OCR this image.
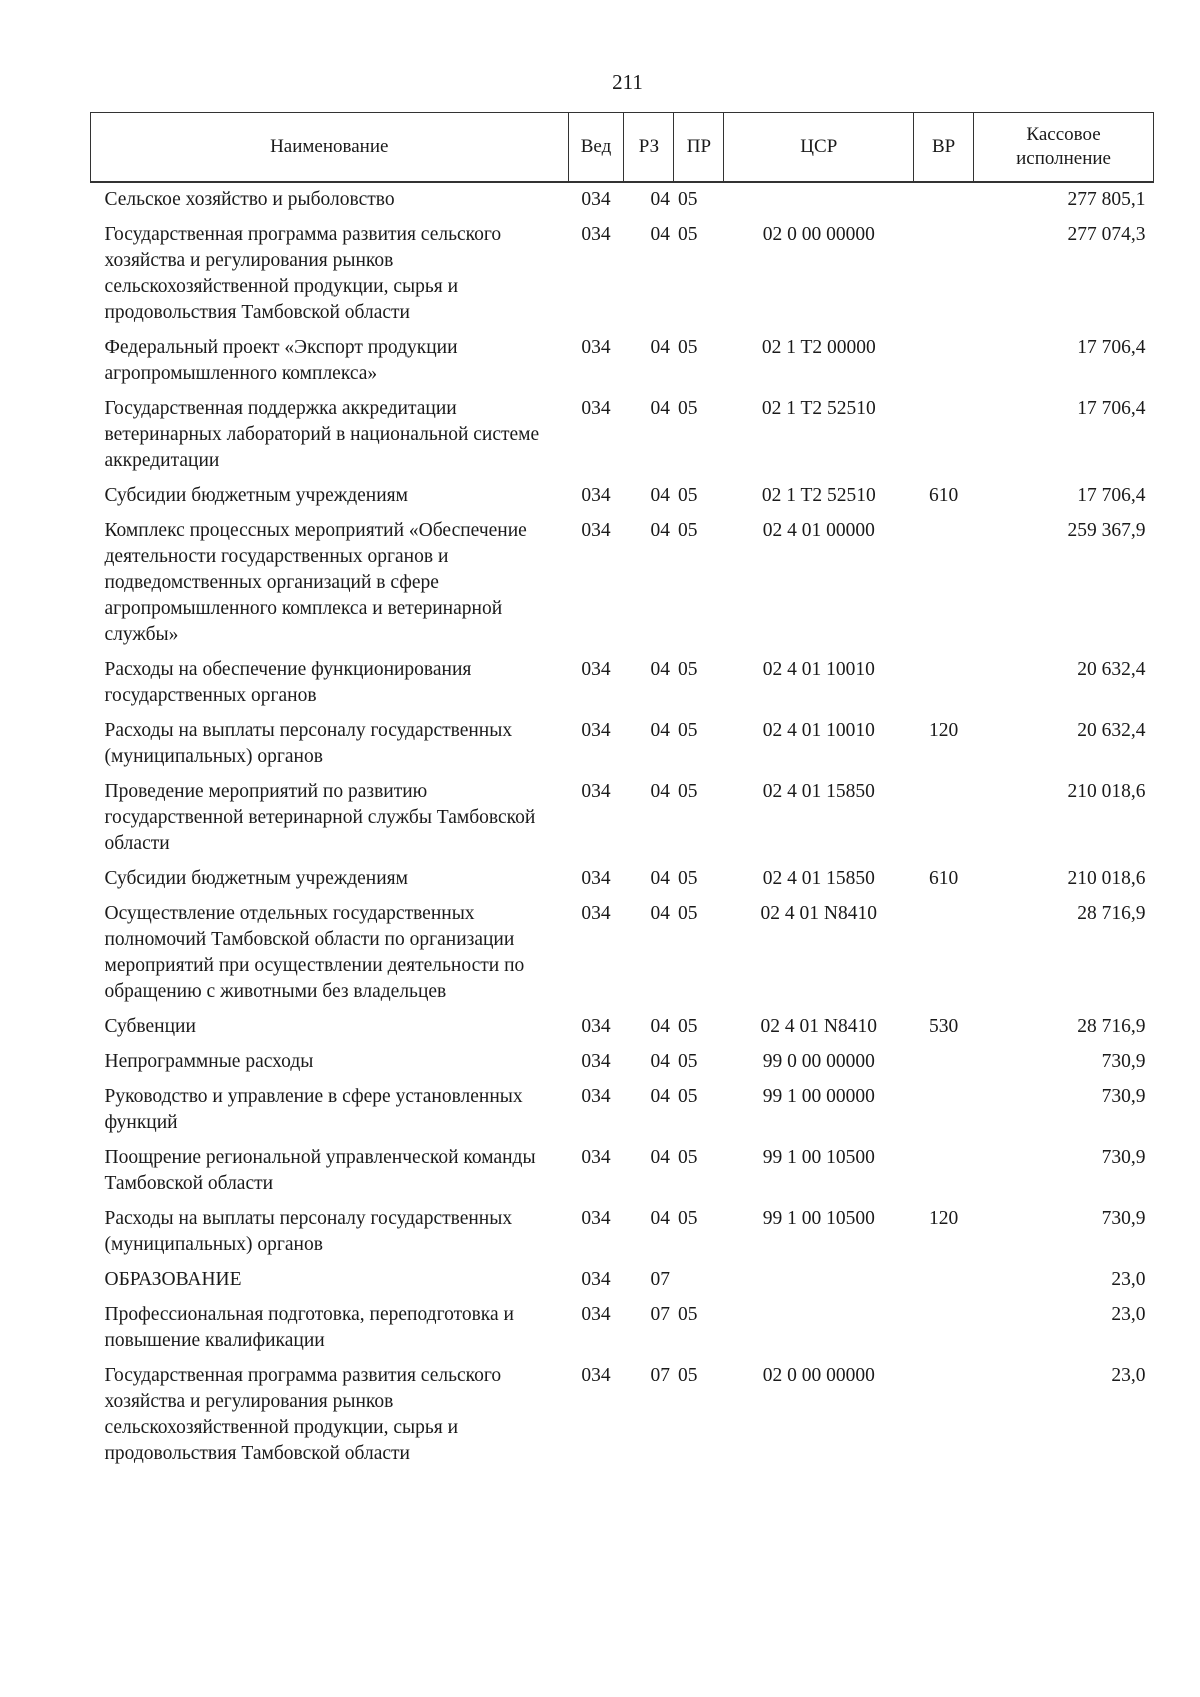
211
Наименование	Вед	РЗ	ПР	ЦСР	ВР	Кассовое исполнение
Сельское хозяйство и рыболовство	034	04	05			277 805,1
Государственная программа развития сельского хозяйства и регулирования рынков сельскохозяйственной продукции, сырья и продовольствия Тамбовской области	034	04	05	02 0 00 00000		277 074,3
Федеральный проект «Экспорт продукции агропромышленного комплекса»	034	04	05	02 1 T2 00000		17 706,4
Государственная поддержка аккредитации ветеринарных лабораторий в национальной системе аккредитации	034	04	05	02 1 T2 52510		17 706,4
Субсидии бюджетным учреждениям	034	04	05	02 1 T2 52510	610	17 706,4
Комплекс процессных мероприятий «Обеспечение деятельности государственных органов и подведомственных организаций в сфере агропромышленного комплекса и ветеринарной службы»	034	04	05	02 4 01 00000		259 367,9
Расходы на обеспечение функционирования государственных органов	034	04	05	02 4 01 10010		20 632,4
Расходы на выплаты персоналу государственных (муниципальных) органов	034	04	05	02 4 01 10010	120	20 632,4
Проведение мероприятий по развитию государственной ветеринарной службы Тамбовской области	034	04	05	02 4 01 15850		210 018,6
Субсидии бюджетным учреждениям	034	04	05	02 4 01 15850	610	210 018,6
Осуществление отдельных государственных полномочий Тамбовской области по организации мероприятий при осуществлении деятельности по обращению с животными без владельцев	034	04	05	02 4 01 N8410		28 716,9
Субвенции	034	04	05	02 4 01 N8410	530	28 716,9
Непрограммные расходы	034	04	05	99 0 00 00000		730,9
Руководство и управление в сфере установленных функций	034	04	05	99 1 00 00000		730,9
Поощрение региональной управленческой команды Тамбовской области	034	04	05	99 1 00 10500		730,9
Расходы на выплаты персоналу государственных (муниципальных) органов	034	04	05	99 1 00 10500	120	730,9
ОБРАЗОВАНИЕ	034	07				23,0
Профессиональная подготовка, переподготовка и повышение квалификации	034	07	05			23,0
Государственная программа развития сельского хозяйства и регулирования рынков сельскохозяйственной продукции, сырья и продовольствия Тамбовской области	034	07	05	02 0 00 00000		23,0
